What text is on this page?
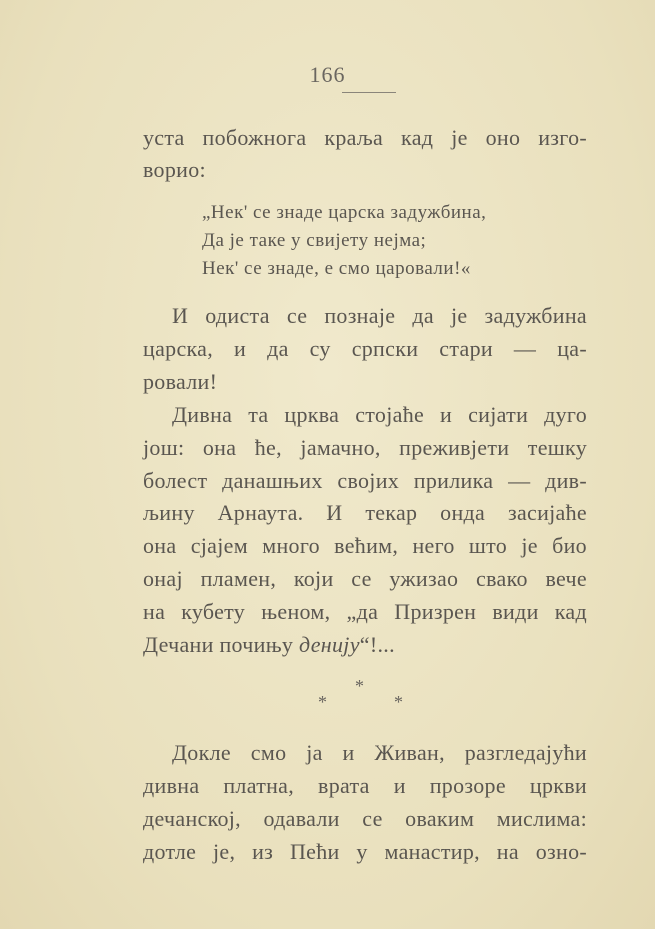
166
уста побожнога краља кад је оно изго-
ворио:
„Нек' се знаде царска задужбина,
Да је таке у свијету нејма;
Нек' се знаде, е смо царовали!«
И одиста се познаје да је задужбина
царска, и да су српски стари — ца-
ровали!
Дивна та црква стојаће и сијати дуго
још: она ће, јамачно, преживјети тешку
болест данашњих својих прилика — див-
љину Арнаута. И текар онда засијаће
она сјајем много већим, него што је био
онај пламен, који се ужизао свако вече
на кубету њеном, „да Призрен види кад
Дечани почињу денију“!...
*
*	*
Докле смо ја и Живан, разгледајући
дивна платна, врата и прозоре цркви
дечанској, одавали се оваким мислима:
дотле је, из Пећи у манастир, на озно-
